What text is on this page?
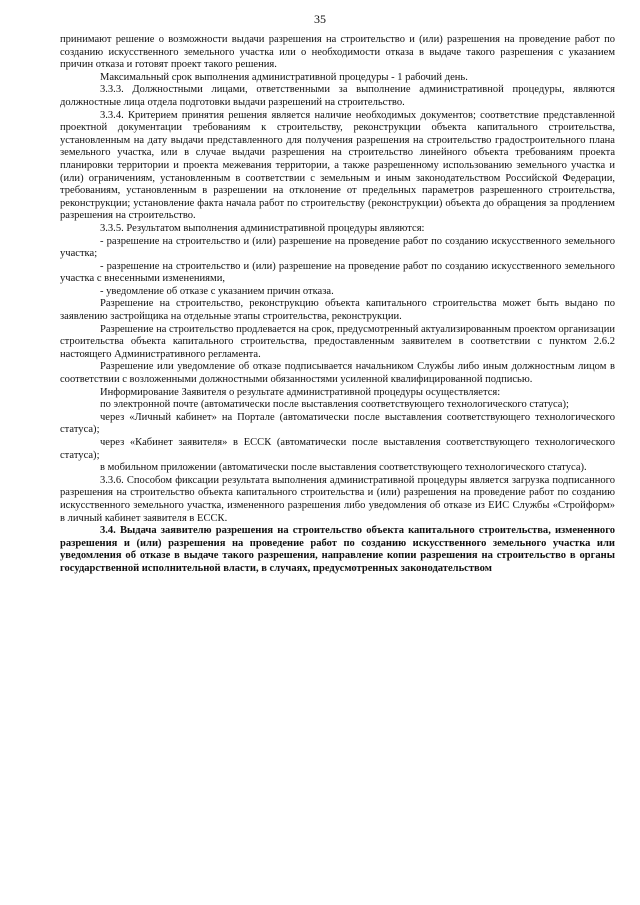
35

принимают решение о возможности выдачи разрешения на строительство и (или) разрешения на проведение работ по созданию искусственного земельного участка или о необходимости отказа в выдаче такого разрешения с указанием причин отказа и готовят проект такого решения.

Максимальный срок выполнения административной процедуры - 1 рабочий день.

3.3.3. Должностными лицами, ответственными за выполнение административной процедуры, являются должностные лица отдела подготовки выдачи разрешений на строительство.

3.3.4. Критерием принятия решения является наличие необходимых документов; соответствие представленной проектной документации требованиям к строительству, реконструкции объекта капитального строительства, установленным на дату выдачи представленного для получения разрешения на строительство градостроительного плана земельного участка, или в случае выдачи разрешения на строительство линейного объекта требованиям проекта планировки территории и проекта межевания территории, а также разрешенному использованию земельного участка и (или) ограничениям, установленным в соответствии с земельным и иным законодательством Российской Федерации, требованиям, установленным в разрешении на отклонение от предельных параметров разрешенного строительства, реконструкции; установление факта начала работ по строительству (реконструкции) объекта до обращения за продлением разрешения на строительство.

3.3.5. Результатом выполнения административной процедуры являются:

- разрешение на строительство и (или) разрешение на проведение работ по созданию искусственного земельного участка;

- разрешение на строительство и (или) разрешение на проведение работ по созданию искусственного земельного участка с внесенными изменениями,

- уведомление об отказе с указанием причин отказа.

Разрешение на строительство, реконструкцию объекта капитального строительства может быть выдано по заявлению застройщика на отдельные этапы строительства, реконструкции.

Разрешение на строительство продлевается на срок, предусмотренный актуализированным проектом организации строительства объекта капитального строительства, предоставленным заявителем в соответствии с пунктом 2.6.2 настоящего Административного регламента.

Разрешение или уведомление об отказе подписывается начальником Службы либо иным должностным лицом в соответствии с возложенными должностными обязанностями усиленной квалифицированной подписью.

Информирование Заявителя о результате административной процедуры осуществляется:

по электронной почте (автоматически после выставления соответствующего технологического статуса);

через «Личный кабинет» на Портале (автоматически после выставления соответствующего технологического статуса);

через «Кабинет заявителя» в ЕССК (автоматически после выставления соответствующего технологического статуса);

в мобильном приложении (автоматически после выставления соответствующего технологического статуса).

3.3.6. Способом фиксации результата выполнения административной процедуры является загрузка подписанного разрешения на строительство объекта капитального строительства и (или) разрешения на проведение работ по созданию искусственного земельного участка, измененного разрешения либо уведомления об отказе из ЕИС Службы «Стройформ» в личный кабинет заявителя в ЕССК.

3.4. Выдача заявителю разрешения на строительство объекта капитального строительства, измененного разрешения и (или) разрешения на проведение работ по созданию искусственного земельного участка или уведомления об отказе в выдаче такого разрешения, направление копии разрешения на строительство в органы государственной исполнительной власти, в случаях, предусмотренных законодательством
